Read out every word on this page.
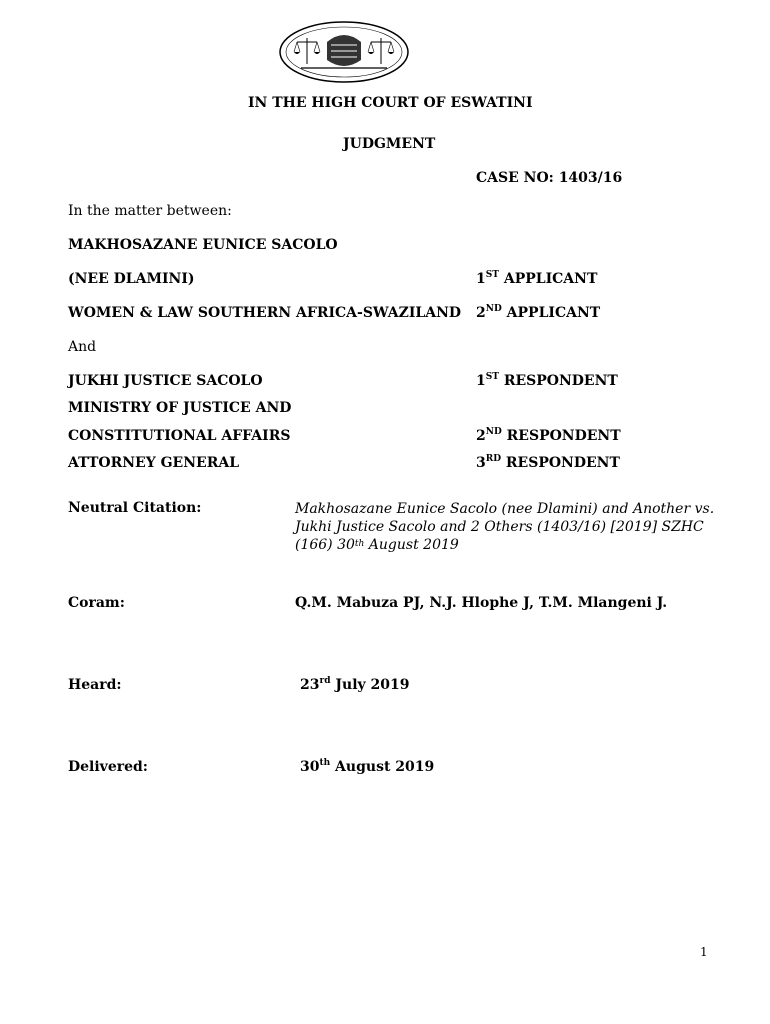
IN THE HIGH COURT OF ESWATINI
JUDGMENT
CASE NO: 1403/16
In the matter between:
MAKHOSAZANE EUNICE SACOLO
(NEE DLAMINI)	1ST APPLICANT
WOMEN & LAW SOUTHERN AFRICA-SWAZILAND 2ND APPLICANT
And
JUKHI JUSTICE SACOLO	1ST RESPONDENT
MINISTRY OF JUSTICE AND
CONSTITUTIONAL AFFAIRS	2ND RESPONDENT
ATTORNEY GENERAL	3RD RESPONDENT
Neutral Citation:	Makhosazane Eunice Sacolo (nee Dlamini) and Another vs. Jukhi Justice Sacolo and 2 Others (1403/16) [2019] SZHC (166) 30th August 2019
Coram:	Q.M. Mabuza PJ, N.J. Hlophe J, T.M. Mlangeni J.
Heard:	23rd July 2019
Delivered:	30th August 2019
1
